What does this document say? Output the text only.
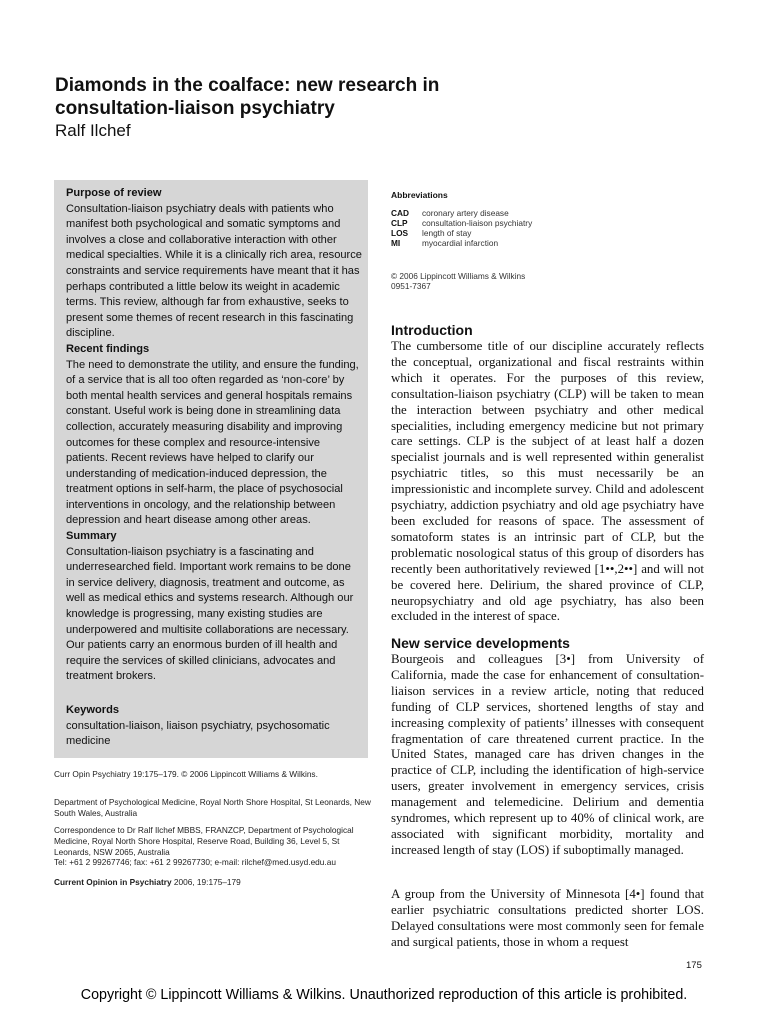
Diamonds in the coalface: new research in consultation-liaison psychiatry
Ralf Ilchef
Purpose of review

Consultation-liaison psychiatry deals with patients who manifest both psychological and somatic symptoms and involves a close and collaborative interaction with other medical specialties. While it is a clinically rich area, resource constraints and service requirements have meant that it has perhaps contributed a little below its weight in academic terms. This review, although far from exhaustive, seeks to present some themes of recent research in this fascinating discipline.

Recent findings

The need to demonstrate the utility, and ensure the funding, of a service that is all too often regarded as ‘non-core’ by both mental health services and general hospitals remains constant. Useful work is being done in streamlining data collection, accurately measuring disability and improving outcomes for these complex and resource-intensive patients. Recent reviews have helped to clarify our understanding of medication-induced depression, the treatment options in self-harm, the place of psychosocial interventions in oncology, and the relationship between depression and heart disease among other areas.

Summary

Consultation-liaison psychiatry is a fascinating and underresearched field. Important work remains to be done in service delivery, diagnosis, treatment and outcome, as well as medical ethics and systems research. Although our knowledge is progressing, many existing studies are underpowered and multisite collaborations are necessary. Our patients carry an enormous burden of ill health and require the services of skilled clinicians, advocates and treatment brokers.

Keywords

consultation-liaison, liaison psychiatry, psychosomatic medicine

Curr Opin Psychiatry 19:175–179. © 2006 Lippincott Williams & Wilkins.
Department of Psychological Medicine, Royal North Shore Hospital, St Leonards, New South Wales, Australia
Correspondence to Dr Ralf Ilchef MBBS, FRANZCP, Department of Psychological Medicine, Royal North Shore Hospital, Reserve Road, Building 36, Level 5, St Leonards, NSW 2065, Australia
Tel: +61 2 99267746; fax: +61 2 99267730; e-mail: rilchef@med.usyd.edu.au
Current Opinion in Psychiatry 2006, 19:175–179
Abbreviations
CAD coronary artery disease
CLP consultation-liaison psychiatry
LOS length of stay
MI	myocardial infarction
© 2006 Lippincott Williams & Wilkins
0951-7367
Introduction

The cumbersome title of our discipline accurately reflects the conceptual, organizational and fiscal restraints within which it operates. For the purposes of this review, consultation-liaison psychiatry (CLP) will be taken to mean the interaction between psychiatry and other medical specialities, including emergency medicine but not primary care settings. CLP is the subject of at least half a dozen specialist journals and is well represented within generalist psychiatric titles, so this must necessarily be an impressionistic and incomplete survey. Child and adolescent psychiatry, addiction psychiatry and old age psychiatry have been excluded for reasons of space. The assessment of somatoform states is an intrinsic part of CLP, but the problematic nosological status of this group of disorders has recently been authoritatively reviewed [1••,2••] and will not be covered here. Delirium, the shared province of CLP, neuropsychiatry and old age psychiatry, has also been excluded in the interest of space.

New service developments

Bourgeois and colleagues [3•] from University of California, made the case for enhancement of consultation-liaison services in a review article, noting that reduced funding of CLP services, shortened lengths of stay and increasing complexity of patients’ illnesses with consequent fragmentation of care threatened current practice. In the United States, managed care has driven changes in the practice of CLP, including the identification of high-service users, greater involvement in emergency services, crisis management and telemedicine. Delirium and dementia syndromes, which represent up to 40% of clinical work, are associated with significant morbidity, mortality and increased length of stay (LOS) if suboptimally managed.

A group from the University of Minnesota [4•] found that earlier psychiatric consultations predicted shorter LOS. Delayed consultations were most commonly seen for female and surgical patients, those in whom a request

175
Copyright © Lippincott Williams & Wilkins. Unauthorized reproduction of this article is prohibited.
